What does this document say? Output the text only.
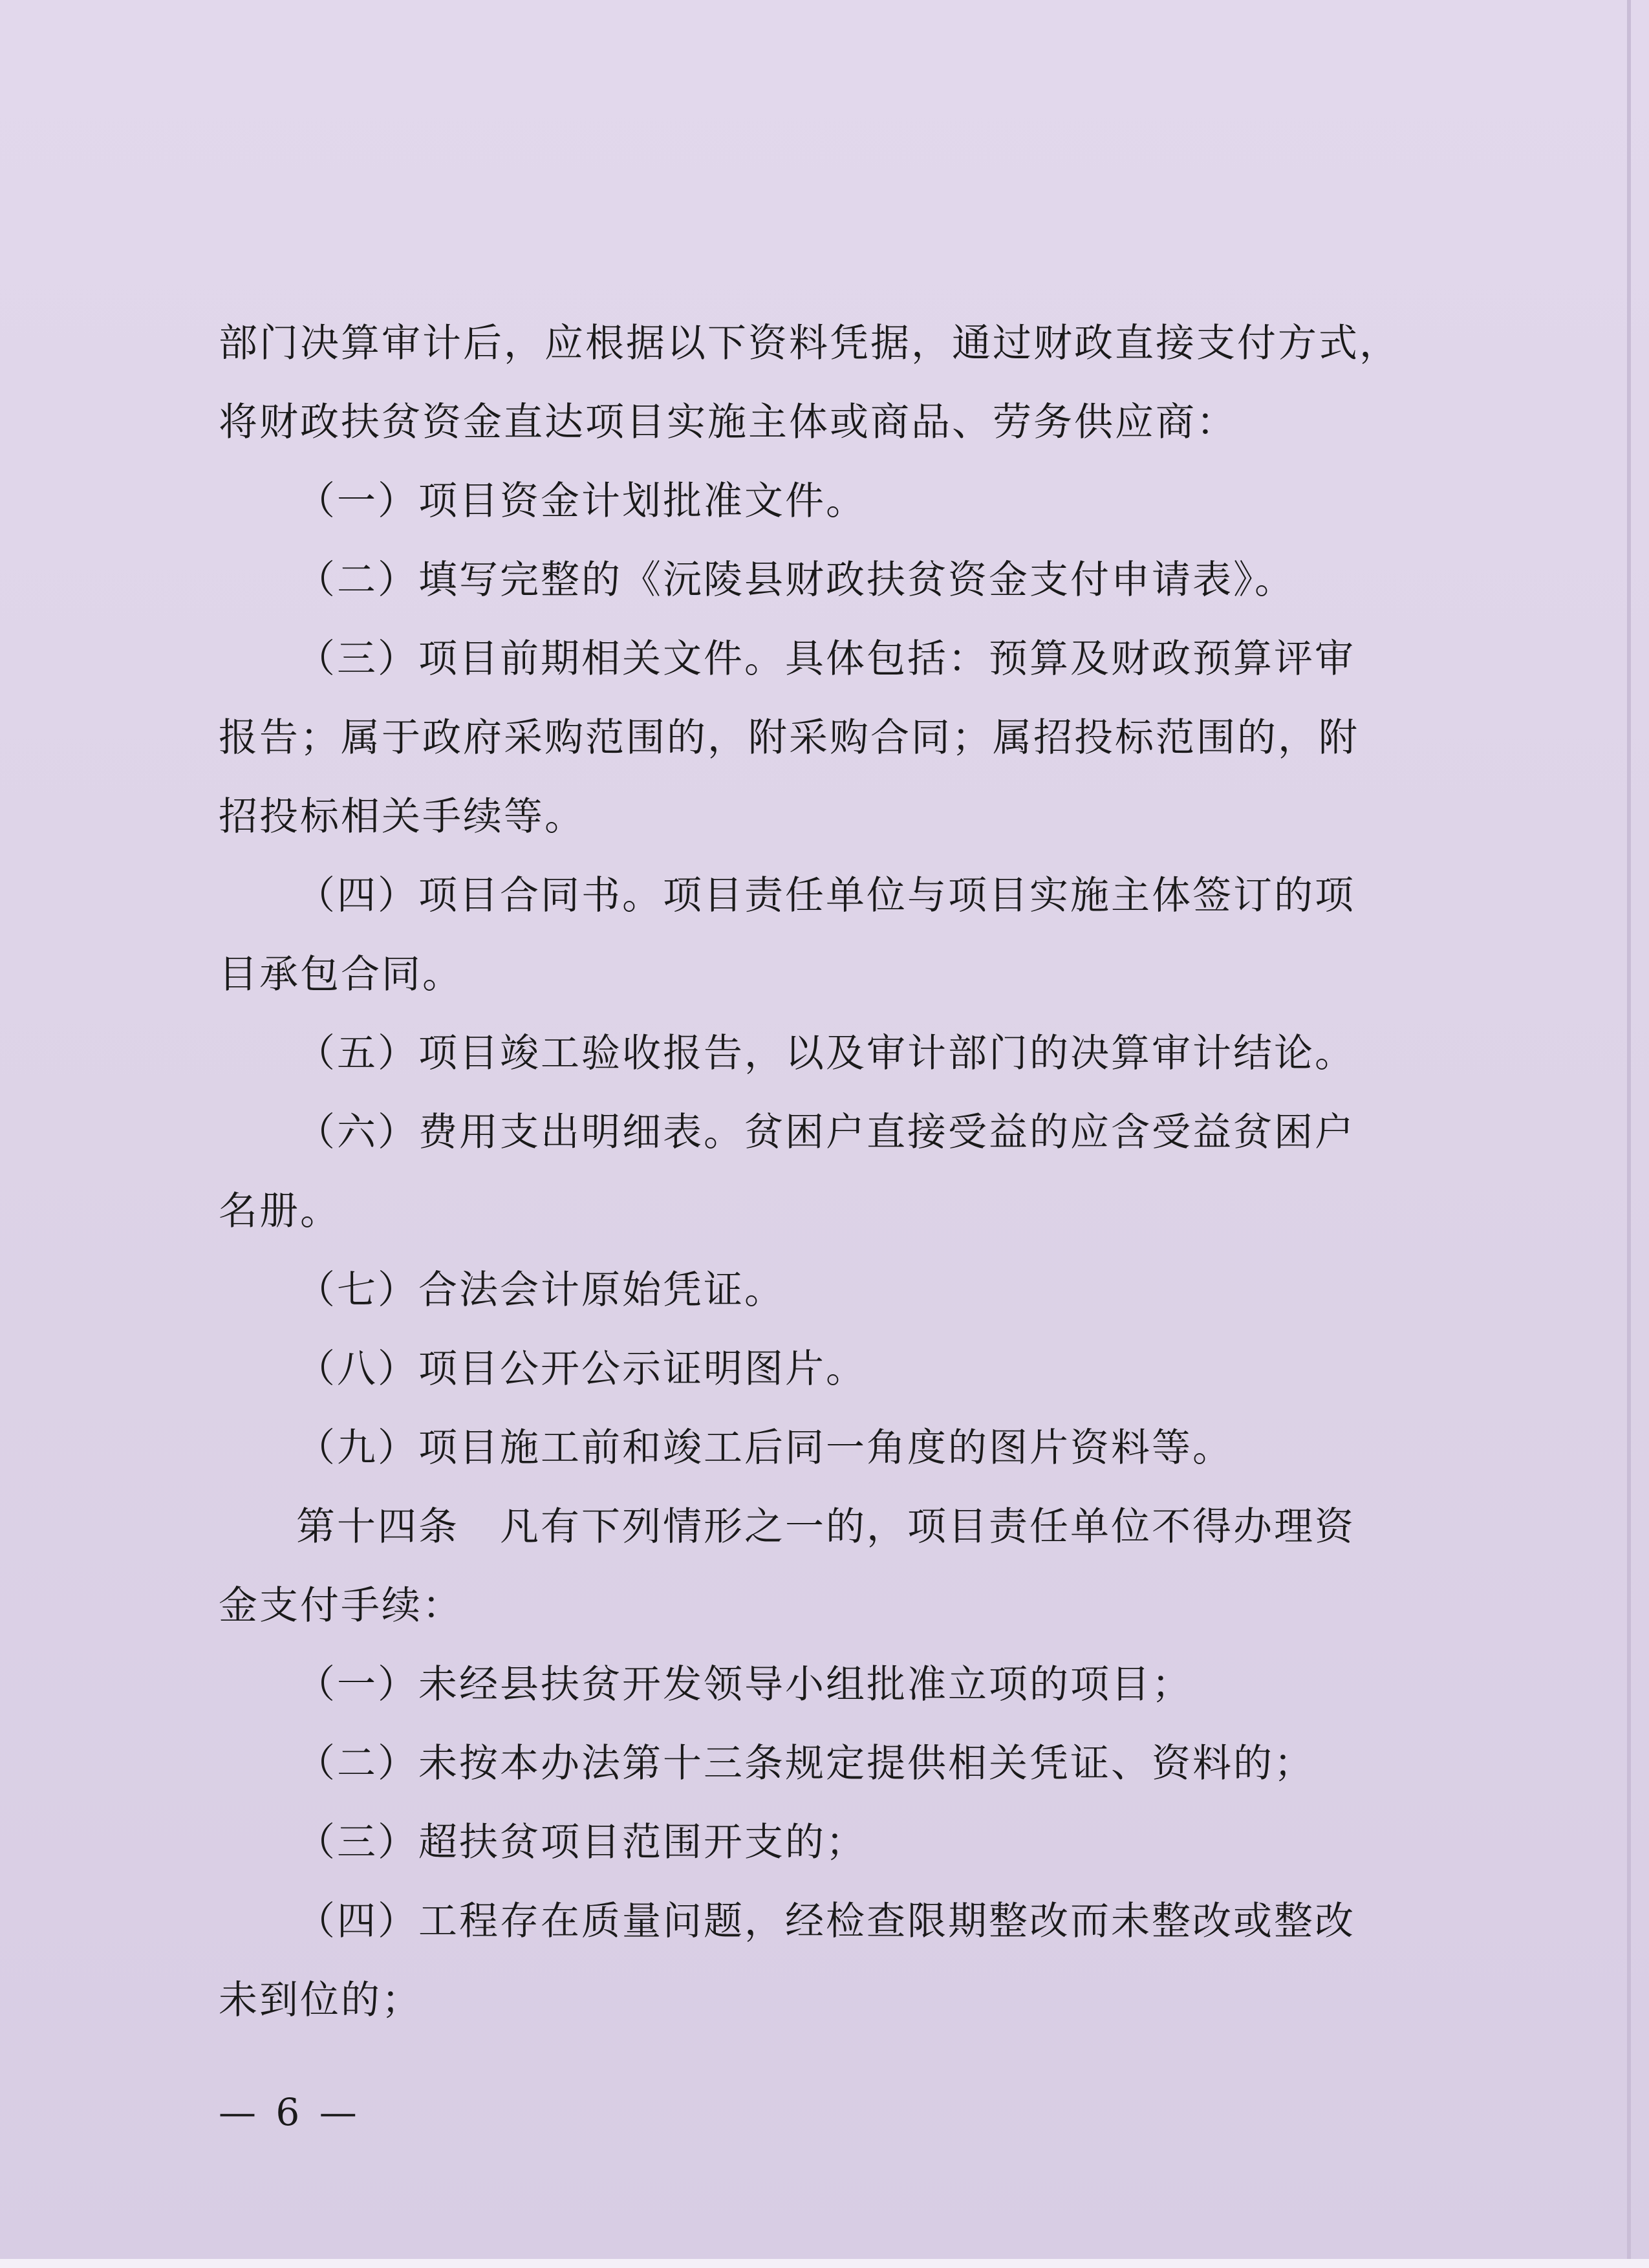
部门决算审计后，应根据以下资料凭据，通过财政直接支付方式，
将财政扶贫资金直达项目实施主体或商品、劳务供应商：
（一）项目资金计划批准文件。
（二）填写完整的《沅陵县财政扶贫资金支付申请表》。
（三）项目前期相关文件。具体包括：预算及财政预算评审
报告；属于政府采购范围的，附采购合同；属招投标范围的，附
招投标相关手续等。
（四）项目合同书。项目责任单位与项目实施主体签订的项
目承包合同。
（五）项目竣工验收报告，以及审计部门的决算审计结论。
（六）费用支出明细表。贫困户直接受益的应含受益贫困户
名册。
（七）合法会计原始凭证。
（八）项目公开公示证明图片。
（九）项目施工前和竣工后同一角度的图片资料等。
第十四条　凡有下列情形之一的，项目责任单位不得办理资
金支付手续：
（一）未经县扶贫开发领导小组批准立项的项目；
（二）未按本办法第十三条规定提供相关凭证、资料的；
（三）超扶贫项目范围开支的；
（四）工程存在质量问题，经检查限期整改而未整改或整改
未到位的；
— 6 —
